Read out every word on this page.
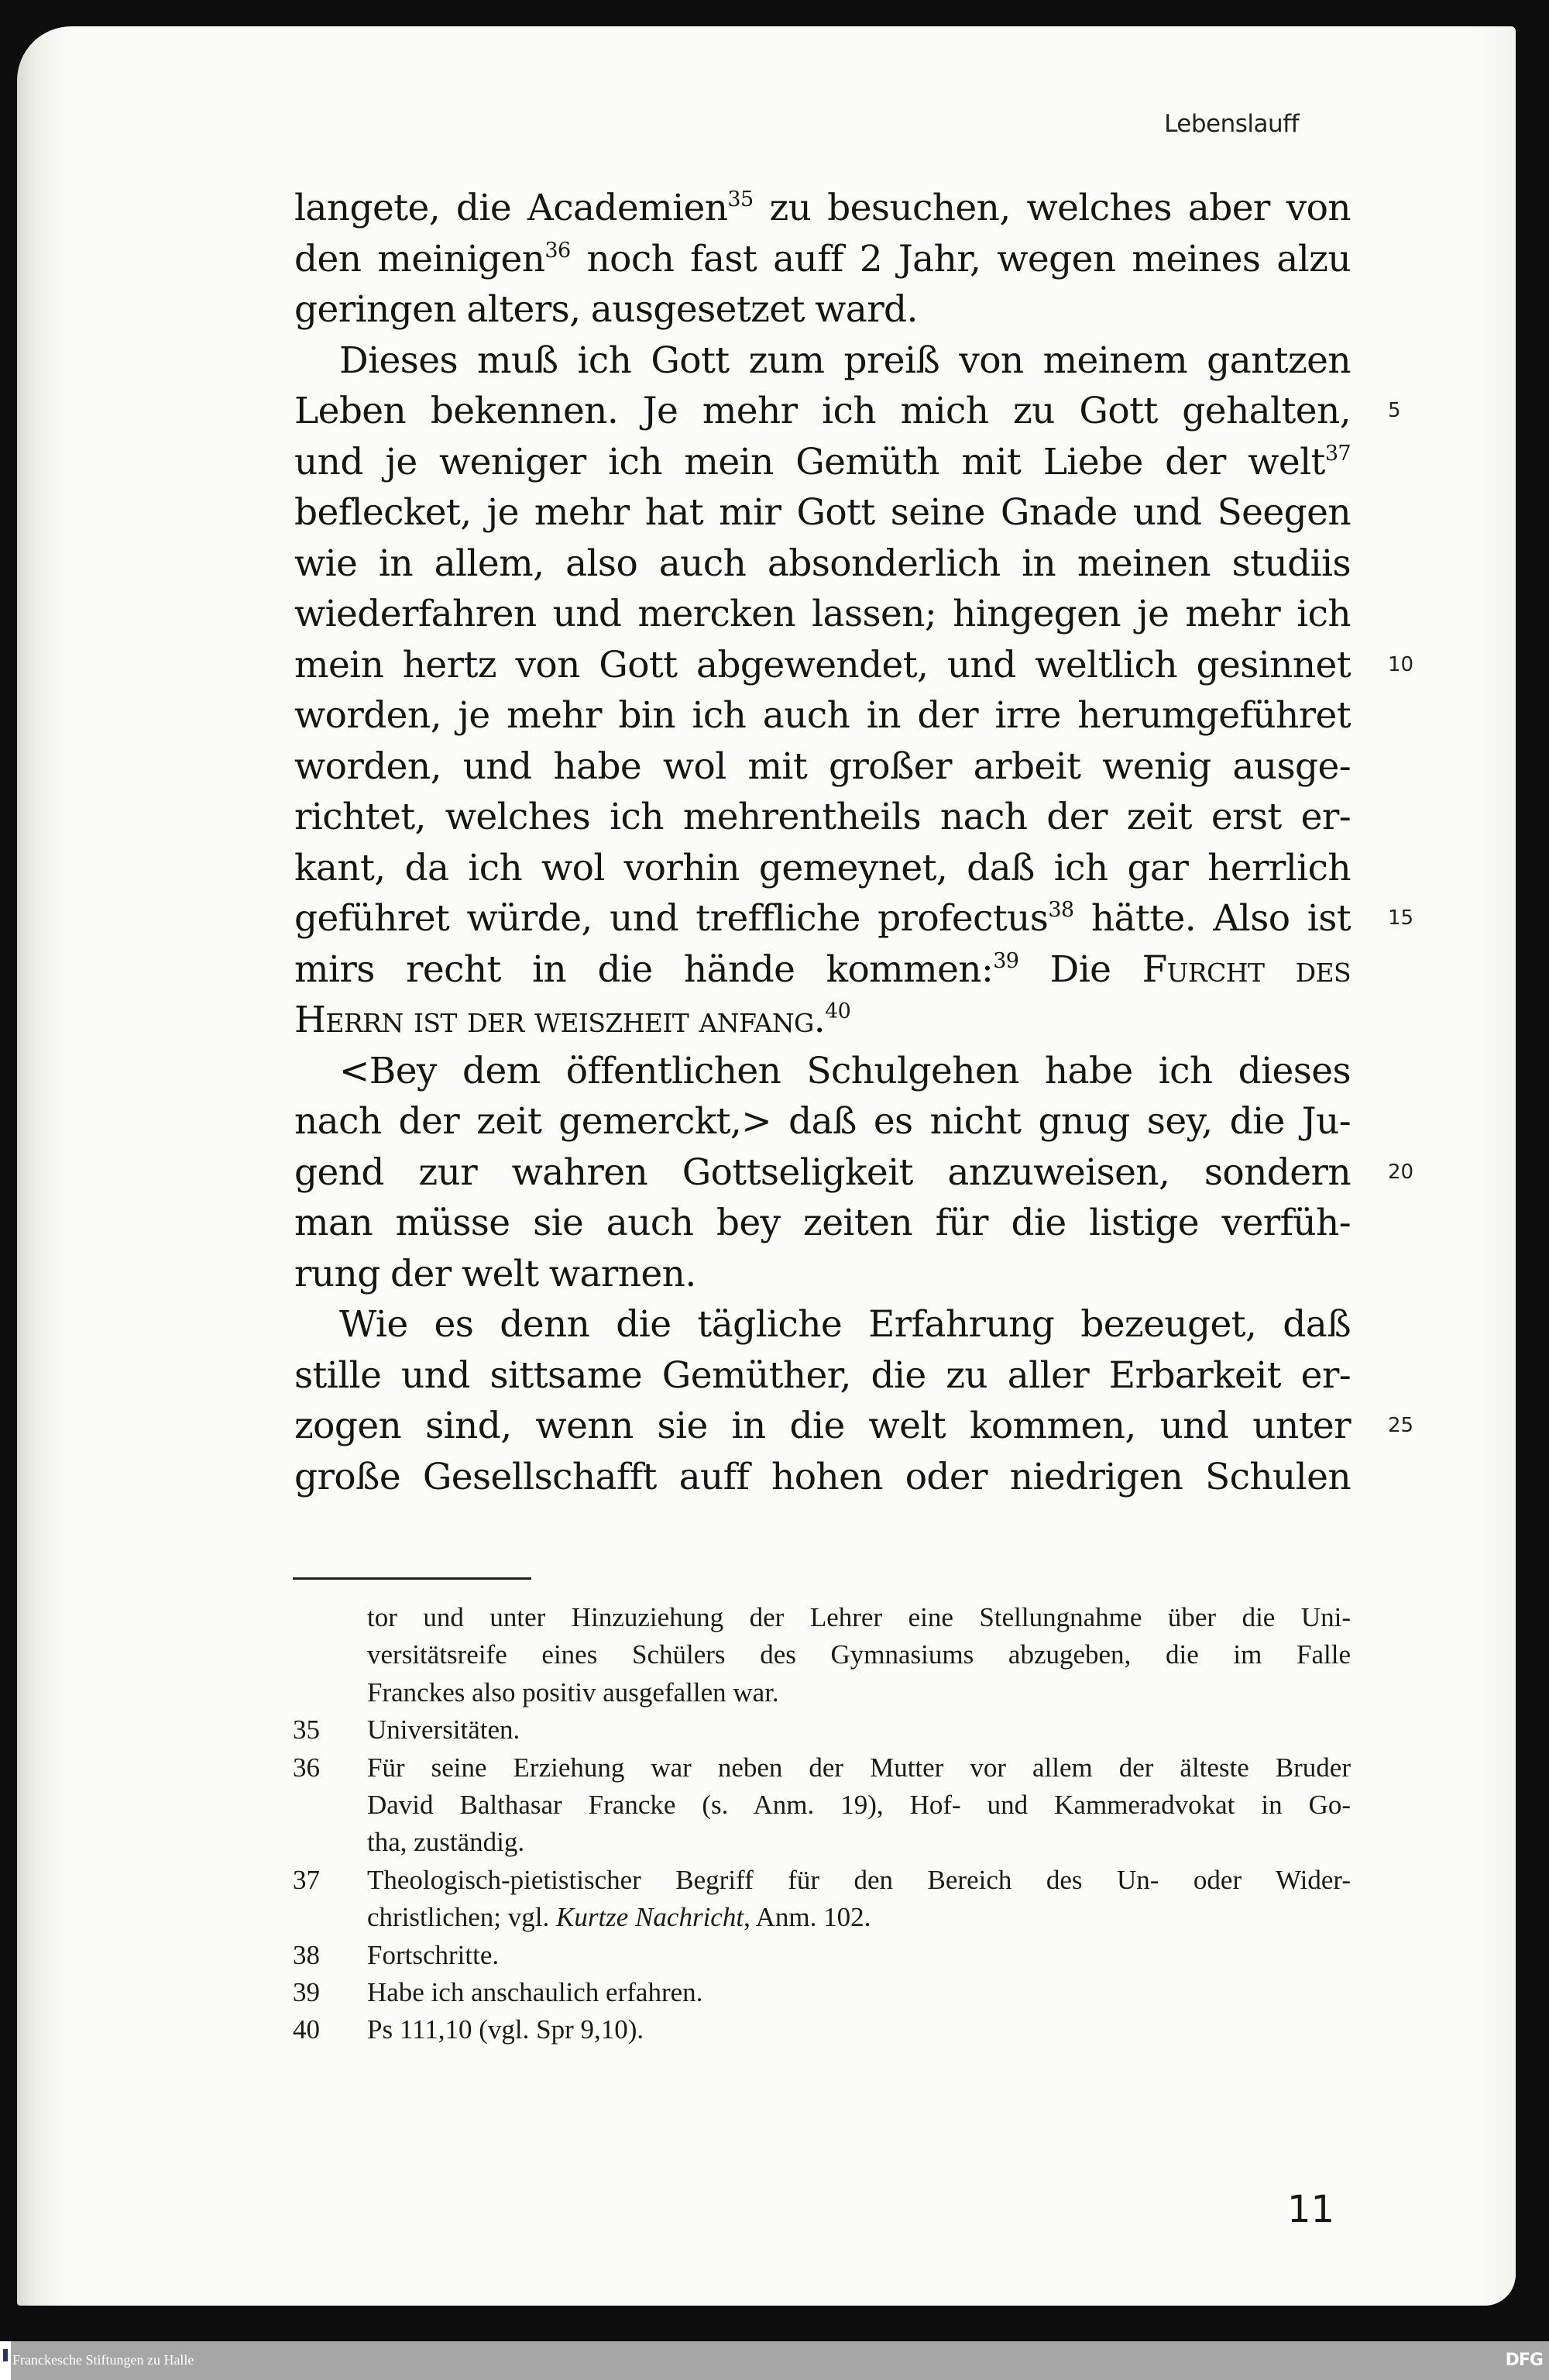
Lebenslauff
langete, die Academien$^{35}$ zu besuchen, welches aber von
den meinigen$^{36}$ noch fast auff 2 Jahr, wegen meines alzu
geringen alters, ausgesetzet ward.
Dieses muß ich Gott zum preiß von meinem gantzen
Leben bekennen. Je mehr ich mich zu Gott gehalten, 5
und je weniger ich mein Gemüth mit Liebe der welt$^{37}$
beflecket, je mehr hat mir Gott seine Gnade und Seegen
wie in allem, also auch absonderlich in meinen studiis
wiederfahren und mercken lassen; hingegen je mehr ich
mein hertz von Gott abgewendet, und weltlich gesinnet 10
worden, je mehr bin ich auch in der irre herumgeführet
worden, und habe wol mit großer arbeit wenig ausge-
richtet, welches ich mehrentheils nach der zeit erst er-
kant, da ich wol vorhin gemeynet, daß ich gar herrlich
geführet würde, und treffliche profectus$^{38}$ hätte. Also ist 15
mirs recht in die hände kommen:$^{39}$ Die Furcht des
Herrn ist der weiszheit anfang.$^{40}$
<Bey dem öffentlichen Schulgehen habe ich dieses
nach der zeit gemerckt,> daß es nicht gnug sey, die Ju-
gend zur wahren Gottseligkeit anzuweisen, sondern 20
man müsse sie auch bey zeiten für die listige verfüh-
rung der welt warnen.
Wie es denn die tägliche Erfahrung bezeuget, daß
stille und sittsame Gemüther, die zu aller Erbarkeit er-
zogen sind, wenn sie in die welt kommen, und unter 25
große Gesellschafft auff hohen oder niedrigen Schulen
tor und unter Hinzuziehung der Lehrer eine Stellungnahme über die Uni-
versitätsreife eines Schülers des Gymnasiums abzugeben, die im Falle
Franckes also positiv ausgefallen war.
35	Universitäten.
36	Für seine Erziehung war neben der Mutter vor allem der älteste Bruder
David Balthasar Francke (s. Anm. 19), Hof- und Kammeradvokat in Go-
tha, zuständig.
37	Theologisch-pietistischer Begriff für den Bereich des Un- oder Wider-
christlichen; vgl. Kurtze Nachricht, Anm. 102.
38	Fortschritte.
39	Habe ich anschaulich erfahren.
40	Ps 111,10 (vgl. Spr 9,10).
11
Franckesche Stiftungen zu Halle	DFG
